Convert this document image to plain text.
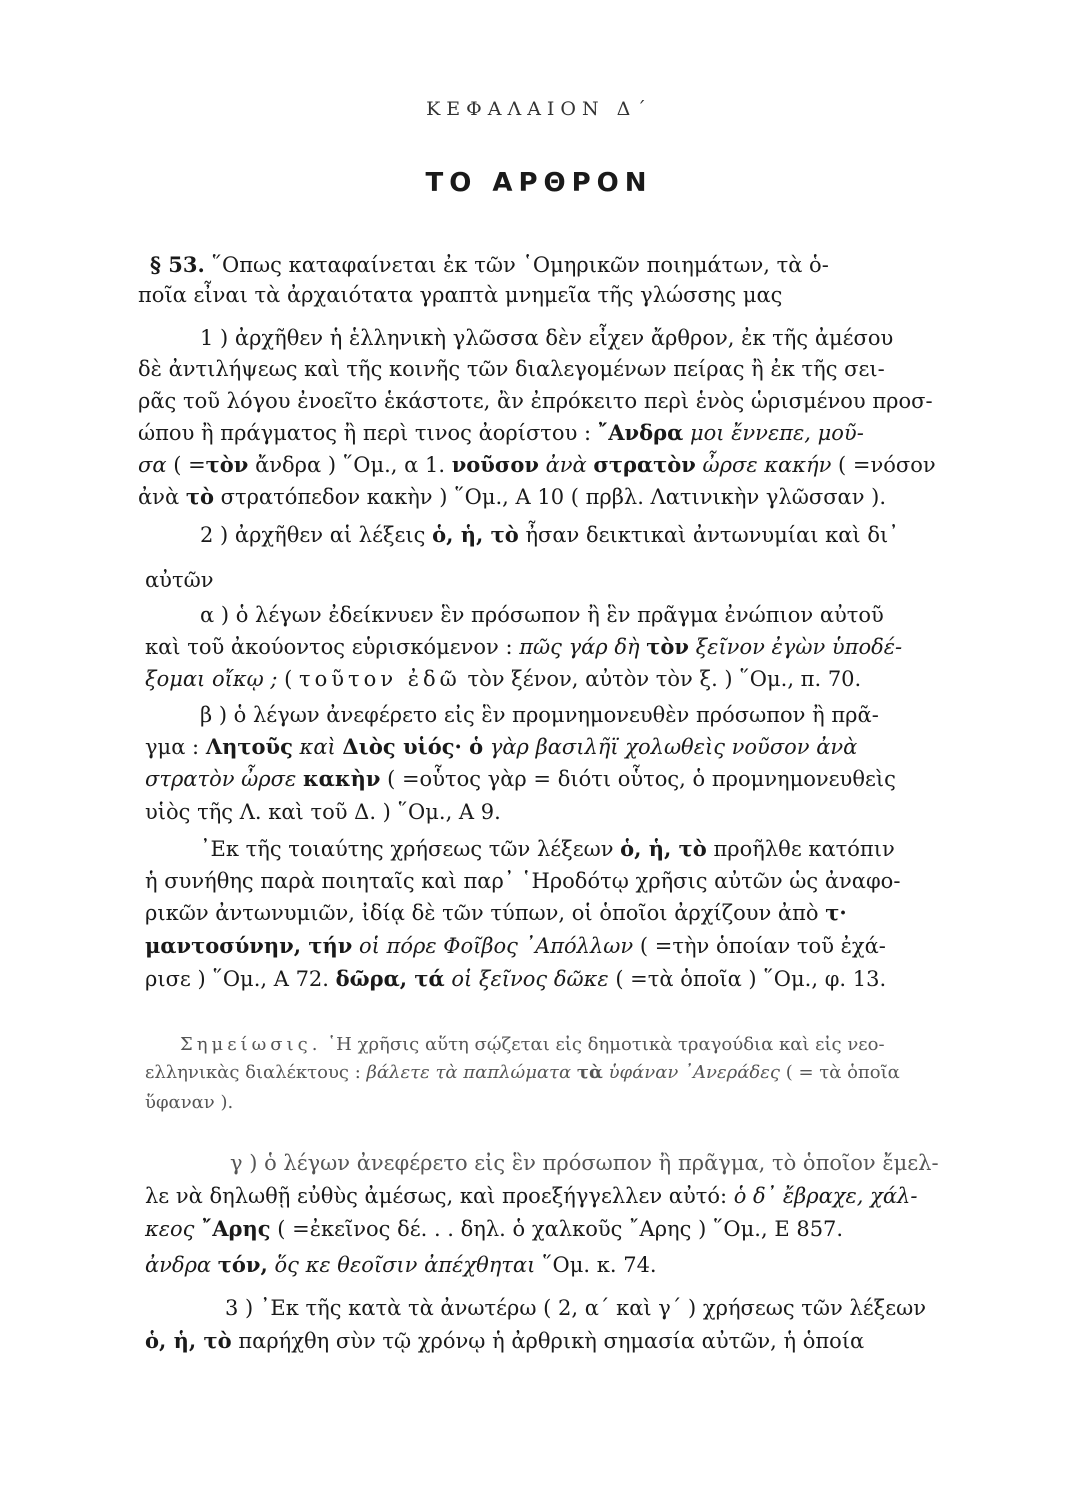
ΚΕΦΑΛΑΙΟΝ Δ΄
ΤΟ ΑΡΘΡΟΝ
§ 53. ῞Οπως καταφαίνεται ἐκ τῶν ῾Ομηρικῶν ποιημάτων, τὰ ὁ-
ποῖα εἶναι τὰ ἀρχαιότατα γραπτὰ μνημεῖα τῆς γλώσσης μας
1 ) ἀρχῆθεν ἡ ἑλληνικὴ γλῶσσα δὲν εἶχεν ἄρθρον, ἐκ τῆς ἀμέσου
δὲ ἀντιλήψεως καὶ τῆς κοινῆς τῶν διαλεγομένων πείρας ἢ ἐκ τῆς σει-
ρᾶς τοῦ λόγου ἐνοεῖτο ἑκάστοτε, ἂν ἐπρόκειτο περὶ ἑνὸς ὡρισμένου προσ-
ώπου ἢ πράγματος ἢ περὶ τινος ἀορίστου : ῎Ανδρα μοι ἔννεπε, μοῦ-
σα ( =τὸν ἄνδρα ) ῞Ομ., α 1. νοῦσον ἀνὰ στρατὸν ὦρσε κακήν ( =νόσον
ἀνὰ τὸ στρατόπεδον κακὴν ) ῞Ομ., Α 10 ( πρβλ. Λατινικὴν γλῶσσαν ).
2 ) ἀρχῆθεν αἱ λέξεις ὁ, ἡ, τὸ ἦσαν δεικτικαὶ ἀντωνυμίαι καὶ δι᾽
αὐτῶν
α ) ὁ λέγων ἐδείκνυεν ἓν πρόσωπον ἢ ἓν πρᾶγμα ἐνώπιον αὐτοῦ
καὶ τοῦ ἀκούοντος εὑρισκόμενον : πῶς γάρ δὴ τὸν ξεῖνον ἐγὼν ὑποδέ-
ξομαι οἴκῳ ; ( τοῦτον ἐδῶ τὸν ξένον, αὐτὸν τὸν ξ. ) ῞Ομ., π. 70.
β ) ὁ λέγων ἀνεφέρετο εἰς ἓν προμνημονευθὲν πρόσωπον ἢ πρᾶ-
γμα : Λητοῦς καὶ Διὸς υἱός· ὁ γὰρ βασιλῆϊ χολωθεὶς νοῦσον ἀνὰ
στρατὸν ὦρσε κακὴν ( =οὗτος γὰρ = διότι οὗτος, ὁ προμνημονευθεὶς
υἱὸς τῆς Λ. καὶ τοῦ Δ. ) ῞Ομ., Α 9.
᾽Εκ τῆς τοιαύτης χρήσεως τῶν λέξεων ὁ, ἡ, τὸ προῆλθε κατόπιν
ἡ συνήθης παρὰ ποιηταῖς καὶ παρ᾽ ῾Ηροδότῳ χρῆσις αὐτῶν ὡς ἀναφο-
ρικῶν ἀντωνυμιῶν, ἰδίᾳ δὲ τῶν τύπων, οἱ ὁποῖοι ἀρχίζουν ἀπὸ τ·
μαντοσύνην, τήν οἱ πόρε Φοῖβος ᾽Απόλλων ( =τὴν ὁποίαν τοῦ ἐχά-
ρισε ) ῞Ομ., Α 72. δῶρα, τά οἱ ξεῖνος δῶκε ( =τὰ ὁποῖα ) ῞Ομ., φ. 13.
Σημείωσις. ῾Η χρῆσις αὕτη σῴζεται εἰς δημοτικὰ τραγούδια καὶ εἰς νεο-
ελληνικὰς διαλέκτους : βάλετε τὰ παπλώματα τὰ ὑφάναν ᾽Ανεράδες ( = τὰ ὁποῖα
ὕφαναν ).
γ ) ὁ λέγων ἀνεφέρετο εἰς ἓν πρόσωπον ἢ πρᾶγμα, τὸ ὁποῖον ἔμελ-
λε νὰ δηλωθῇ εὐθὺς ἀμέσως, καὶ προεξήγγελλεν αὐτό: ὁ δ᾽ ἔβραχε, χάλ-
κεος ῎Αρης ( =ἐκεῖνος δέ. . . δηλ. ὁ χαλκοῦς ῎Αρης ) ῞Ομ., Ε 857.
ἀνδρα τόν, ὅς κε θεοῖσιν ἀπέχθηται ῞Ομ. κ. 74.
3 ) ᾽Εκ τῆς κατὰ τὰ ἀνωτέρω ( 2, α΄ καὶ γ΄ ) χρήσεως τῶν λέξεων
ὁ, ἡ, τὸ παρήχθη σὺν τῷ χρόνῳ ἡ ἀρθρικὴ σημασία αὐτῶν, ἡ ὁποία
